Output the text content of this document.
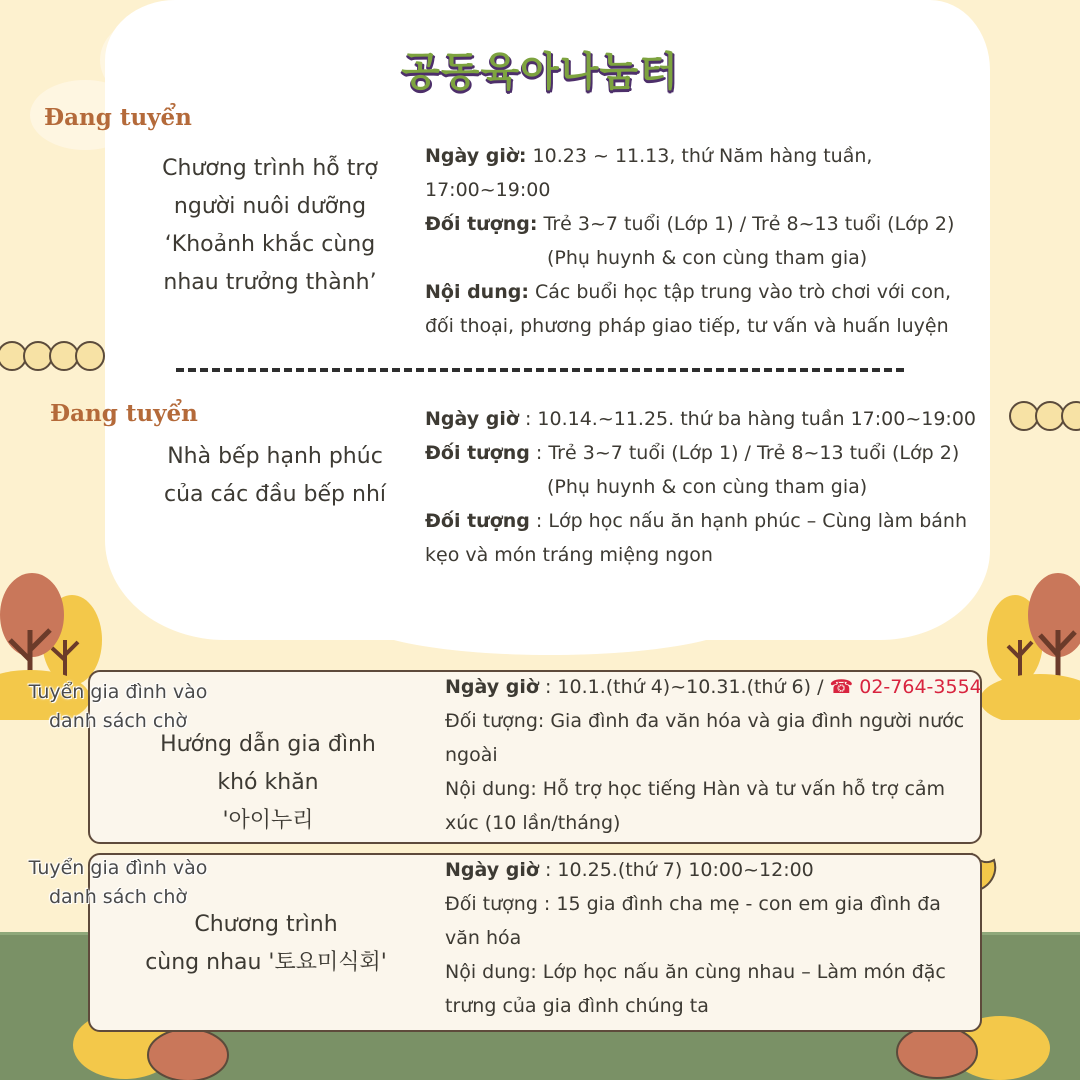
공동육아나눔터
Đang tuyển
Chương trình hỗ trợ
người nuôi dưỡng
‘Khoảnh khắc cùng
nhau trưởng thành’
Ngày giờ: 10.23 ~ 11.13, thứ Năm hàng tuần,
17:00~19:00
Đối tượng: Trẻ 3~7 tuổi (Lớp 1) / Trẻ 8~13 tuổi (Lớp 2)
(Phụ huynh & con cùng tham gia)
Nội dung: Các buổi học tập trung vào trò chơi với con,
đối thoại, phương pháp giao tiếp, tư vấn và huấn luyện
Đang tuyển
Nhà bếp hạnh phúc
của các đầu bếp nhí
Ngày giờ : 10.14.~11.25. thứ ba hàng tuần 17:00~19:00
Đối tượng : Trẻ 3~7 tuổi (Lớp 1) / Trẻ 8~13 tuổi (Lớp 2)
(Phụ huynh & con cùng tham gia)
Đối tượng : Lớp học nấu ăn hạnh phúc – Cùng làm bánh
kẹo và món tráng miệng ngon
Tuyển gia đình vào
danh sách chờ
Hướng dẫn gia đình
khó khăn
'아이누리
Ngày giờ : 10.1.(thứ 4)~10.31.(thứ 6) / ☎ 02-764-3554
Đối tượng: Gia đình đa văn hóa và gia đình người nước
ngoài
Nội dung: Hỗ trợ học tiếng Hàn và tư vấn hỗ trợ cảm
xúc (10 lần/tháng)
Tuyển gia đình vào
danh sách chờ
Chương trình
cùng nhau '토요미식회'
Ngày giờ : 10.25.(thứ 7) 10:00~12:00
Đối tượng : 15 gia đình cha mẹ - con em gia đình đa
văn hóa
Nội dung: Lớp học nấu ăn cùng nhau – Làm món đặc
trưng của gia đình chúng ta
